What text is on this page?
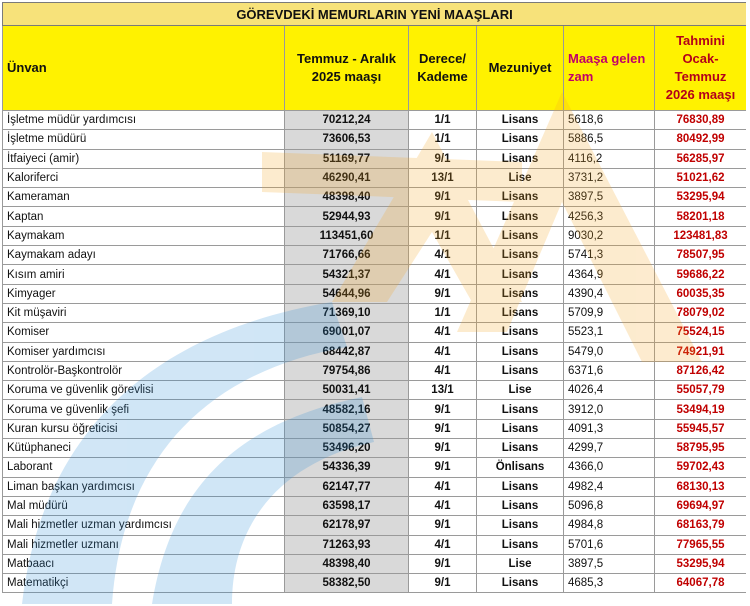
GÖREVDEKİ MEMURLARIN YENİ MAAŞLARI					
Ünvan	Temmuz - Aralık 2025 maaşı	Derece/ Kademe	Mezuniyet	Maaşa gelen zam	Tahmini Ocak-Temmuz 2026 maaşı
İşletme müdür yardımcısı	70212,24	1/1	Lisans	5618,6	76830,89
İşletme müdürü	73606,53	1/1	Lisans	5886,5	80492,99
İtfaiyeci (amir)	51169,77	9/1	Lisans	4116,2	56285,97
Kaloriferci	46290,41	13/1	Lise	3731,2	51021,62
Kameraman	48398,40	9/1	Lisans	3897,5	53295,94
Kaptan	52944,93	9/1	Lisans	4256,3	58201,18
Kaymakam	113451,60	1/1	Lisans	9030,2	123481,83
Kaymakam adayı	71766,66	4/1	Lisans	5741,3	78507,95
Kısım amiri	54321,37	4/1	Lisans	4364,9	59686,22
Kimyager	54644,96	9/1	Lisans	4390,4	60035,35
Kit müşaviri	71369,10	1/1	Lisans	5709,9	78079,02
Komiser	69001,07	4/1	Lisans	5523,1	75524,15
Komiser yardımcısı	68442,87	4/1	Lisans	5479,0	74921,91
Kontrolör-Başkontrolör	79754,86	4/1	Lisans	6371,6	87126,42
Koruma ve güvenlik görevlisi	50031,41	13/1	Lise	4026,4	55057,79
Koruma ve güvenlik şefi	48582,16	9/1	Lisans	3912,0	53494,19
Kuran kursu öğreticisi	50854,27	9/1	Lisans	4091,3	55945,57
Kütüphaneci	53496,20	9/1	Lisans	4299,7	58795,95
Laborant	54336,39	9/1	Önlisans	4366,0	59702,43
Liman başkan yardımcısı	62147,77	4/1	Lisans	4982,4	68130,13
Mal müdürü	63598,17	4/1	Lisans	5096,8	69694,97
Mali hizmetler uzman yardımcısı	62178,97	9/1	Lisans	4984,8	68163,79
Mali hizmetler uzmanı	71263,93	4/1	Lisans	5701,6	77965,55
Matbaacı	48398,40	9/1	Lise	3897,5	53295,94
Matematikçi	58382,50	9/1	Lisans	4685,3	64067,78
